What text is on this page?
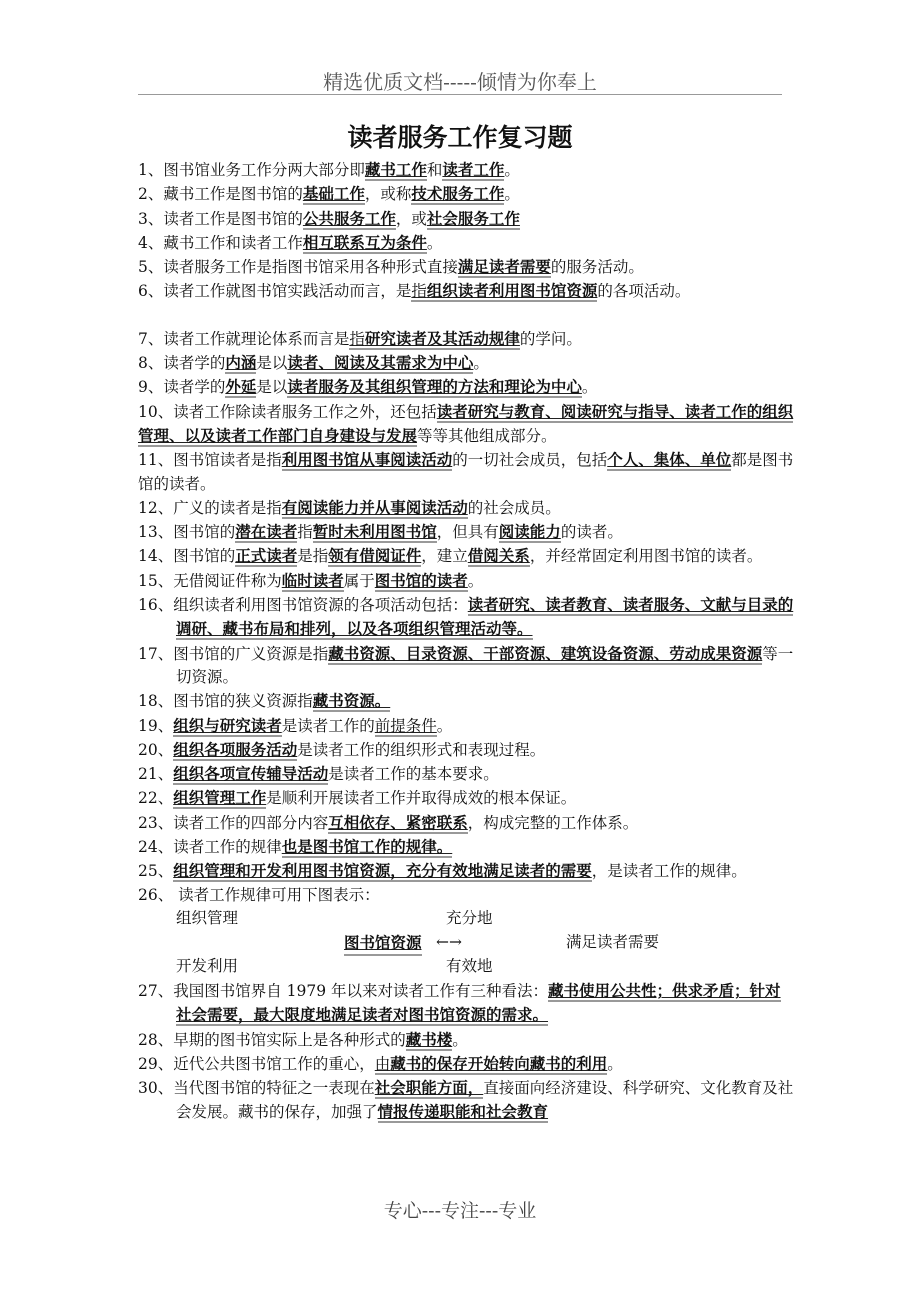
精选优质文档-----倾情为你奉上
读者服务工作复习题
1、图书馆业务工作分两大部分即藏书工作和读者工作。
2、藏书工作是图书馆的基础工作，或称技术服务工作。
3、读者工作是图书馆的公共服务工作，或社会服务工作
4、藏书工作和读者工作相互联系互为条件。
5、读者服务工作是指图书馆采用各种形式直接满足读者需要的服务活动。
6、读者工作就图书馆实践活动而言，是指组织读者利用图书馆资源的各项活动。
7、读者工作就理论体系而言是指研究读者及其活动规律的学问。
8、读者学的内涵是以读者、阅读及其需求为中心。
9、读者学的外延是以读者服务及其组织管理的方法和理论为中心。
10、读者工作除读者服务工作之外，还包括读者研究与教育、阅读研究与指导、读者工作的组织管理、以及读者工作部门自身建设与发展等等其他组成部分。
11、图书馆读者是指利用图书馆从事阅读活动的一切社会成员，包括个人、集体、单位都是图书馆的读者。
12、广义的读者是指有阅读能力并从事阅读活动的社会成员。
13、图书馆的潜在读者指暂时未利用图书馆，但具有阅读能力的读者。
14、图书馆的正式读者是指领有借阅证件，建立借阅关系，并经常固定利用图书馆的读者。
15、无借阅证件称为临时读者属于图书馆的读者。
16、组织读者利用图书馆资源的各项活动包括：读者研究、读者教育、读者服务、文献与目录的调研、藏书布局和排列，以及各项组织管理活动等。
17、图书馆的广义资源是指藏书资源、目录资源、干部资源、建筑设备资源、劳动成果资源等一切资源。
18、图书馆的狭义资源指藏书资源。
19、组织与研究读者是读者工作的前提条件。
20、组织各项服务活动是读者工作的组织形式和表现过程。
21、组织各项宣传辅导活动是读者工作的基本要求。
22、组织管理工作是顺利开展读者工作并取得成效的根本保证。
23、读者工作的四部分内容互相依存、紧密联系，构成完整的工作体系。
24、读者工作的规律也是图书馆工作的规律。
25、组织管理和开发利用图书馆资源，充分有效地满足读者的需要，是读者工作的规律。
26、 读者工作规律可用下图表示：
组织管理	充分地
图书馆资源 ←→	满足读者需要
开发利用	有效地
27、我国图书馆界自 1979 年以来对读者工作有三种看法：藏书使用公共性；供求矛盾；针对社会需要，最大限度地满足读者对图书馆资源的需求。
28、早期的图书馆实际上是各种形式的藏书楼。
29、近代公共图书馆工作的重心，由藏书的保存开始转向藏书的利用。
30、当代图书馆的特征之一表现在社会职能方面，直接面向经济建设、科学研究、文化教育及社会发展。藏书的保存，加强了情报传递职能和社会教育
专心---专注---专业
